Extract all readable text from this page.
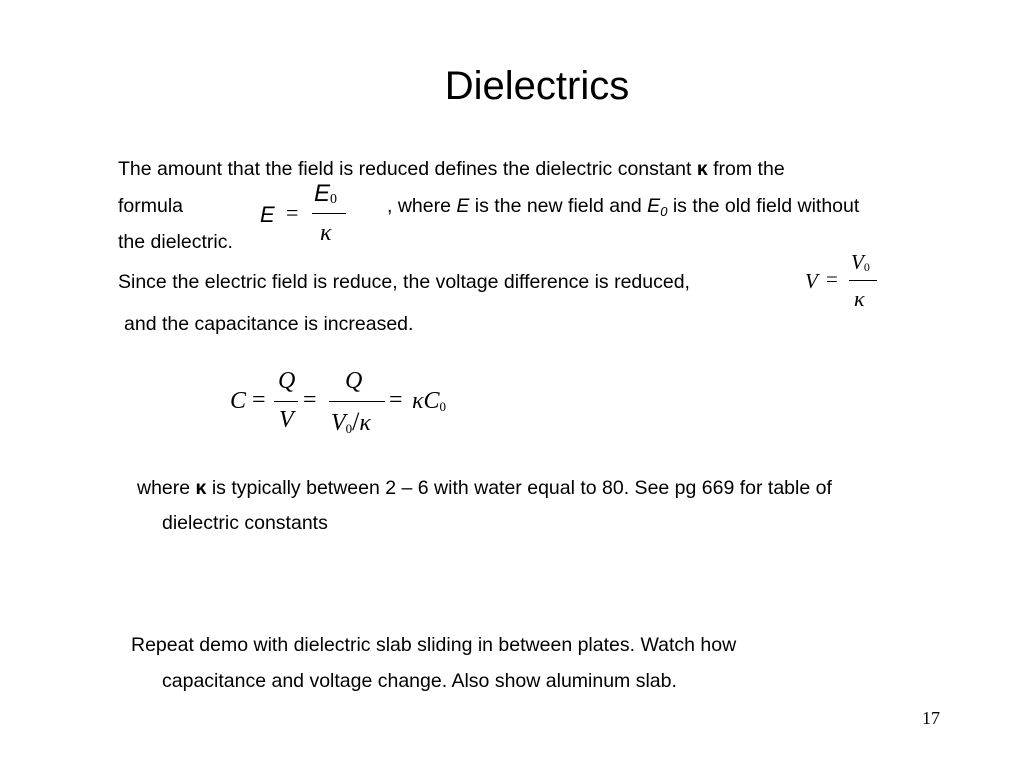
Dielectrics
The amount that the field is reduced defines the dielectric constant κ from the
formula	, where E is the new field and $E_0$ is the old field without
the dielectric.
E =
E0
κ
Since the electric field is reduce, the voltage difference is reduced,
and the capacitance is increased.
V =
V0
κ
C =
Q
V
=
Q
V0/κ
= κC0
where κ is typically between 2 – 6 with water equal to 80. See pg 669 for table of
dielectric constants
Repeat demo with dielectric slab sliding in between plates. Watch how
capacitance and voltage change. Also show aluminum slab.
17
